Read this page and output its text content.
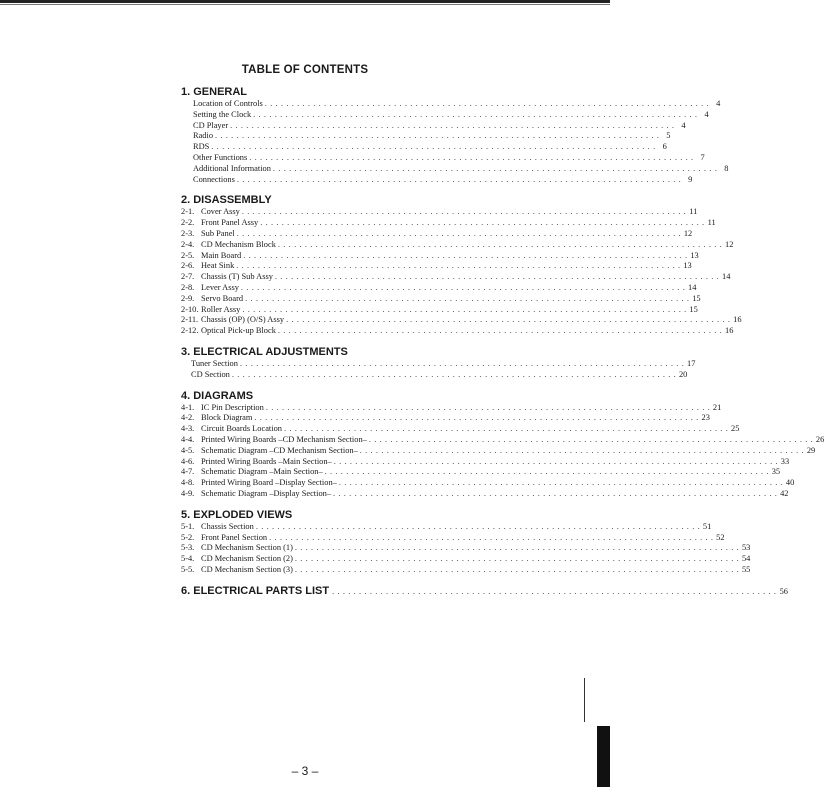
TABLE OF CONTENTS
1. GENERAL
Location of Controls . . . . . . . . . . . . . . . . . . . . . . . . . . . . . . . . . . . . . . . . . . . . . . . . . . . . . . . . . . . . . . . . . . . . . . . . . . . . . . . . . . . 4
Setting the Clock . . . . . . . . . . . . . . . . . . . . . . . . . . . . . . . . . . . . . . . . . . . . . . . . . . . . . . . . . . . . . . . . . . . . . . . . . . . . . . . . . . . 4
CD Player . . . . . . . . . . . . . . . . . . . . . . . . . . . . . . . . . . . . . . . . . . . . . . . . . . . . . . . . . . . . . . . . . . . . . . . . . . . . . . . . . . . 4
Radio . . . . . . . . . . . . . . . . . . . . . . . . . . . . . . . . . . . . . . . . . . . . . . . . . . . . . . . . . . . . . . . . . . . . . . . . . . . . . . . . . . . 5
RDS . . . . . . . . . . . . . . . . . . . . . . . . . . . . . . . . . . . . . . . . . . . . . . . . . . . . . . . . . . . . . . . . . . . . . . . . . . . . . . . . . . . 6
Other Functions . . . . . . . . . . . . . . . . . . . . . . . . . . . . . . . . . . . . . . . . . . . . . . . . . . . . . . . . . . . . . . . . . . . . . . . . . . . . . . . . . . . 7
Additional Information . . . . . . . . . . . . . . . . . . . . . . . . . . . . . . . . . . . . . . . . . . . . . . . . . . . . . . . . . . . . . . . . . . . . . . . . . . . . . . . . . . . 8
Connections . . . . . . . . . . . . . . . . . . . . . . . . . . . . . . . . . . . . . . . . . . . . . . . . . . . . . . . . . . . . . . . . . . . . . . . . . . . . . . . . . . . 9
2. DISASSEMBLY
2-1. Cover Assy . . . . . . . . . . . . . . . . . . . . . . . . . . . . . . . . . . . . . . . . . . . . . . . . . . . . . . . . . . . . . . . . . . . . . . . . . . . . . . . . . . . 11
2-2. Front Panel Assy . . . . . . . . . . . . . . . . . . . . . . . . . . . . . . . . . . . . . . . . . . . . . . . . . . . . . . . . . . . . . . . . . . . . . . . . . . . . . . . . . . . 11
2-3. Sub Panel . . . . . . . . . . . . . . . . . . . . . . . . . . . . . . . . . . . . . . . . . . . . . . . . . . . . . . . . . . . . . . . . . . . . . . . . . . . . . . . . . . . 12
2-4. CD Mechanism Block . . . . . . . . . . . . . . . . . . . . . . . . . . . . . . . . . . . . . . . . . . . . . . . . . . . . . . . . . . . . . . . . . . . . . . . . . . . . . . . . . . . 12
2-5. Main Board . . . . . . . . . . . . . . . . . . . . . . . . . . . . . . . . . . . . . . . . . . . . . . . . . . . . . . . . . . . . . . . . . . . . . . . . . . . . . . . . . . . 13
2-6. Heat Sink . . . . . . . . . . . . . . . . . . . . . . . . . . . . . . . . . . . . . . . . . . . . . . . . . . . . . . . . . . . . . . . . . . . . . . . . . . . . . . . . . . . 13
2-7. Chassis (T) Sub Assy . . . . . . . . . . . . . . . . . . . . . . . . . . . . . . . . . . . . . . . . . . . . . . . . . . . . . . . . . . . . . . . . . . . . . . . . . . . . . . . . . . . 14
2-8. Lever Assy . . . . . . . . . . . . . . . . . . . . . . . . . . . . . . . . . . . . . . . . . . . . . . . . . . . . . . . . . . . . . . . . . . . . . . . . . . . . . . . . . . . 14
2-9. Servo Board . . . . . . . . . . . . . . . . . . . . . . . . . . . . . . . . . . . . . . . . . . . . . . . . . . . . . . . . . . . . . . . . . . . . . . . . . . . . . . . . . . . 15
2-10. Roller Assy . . . . . . . . . . . . . . . . . . . . . . . . . . . . . . . . . . . . . . . . . . . . . . . . . . . . . . . . . . . . . . . . . . . . . . . . . . . . . . . . . . . 15
2-11. Chassis (OP) (O/S) Assy . . . . . . . . . . . . . . . . . . . . . . . . . . . . . . . . . . . . . . . . . . . . . . . . . . . . . . . . . . . . . . . . . . . . . . . . . . . . . . . . . . . 16
2-12. Optical Pick-up Block . . . . . . . . . . . . . . . . . . . . . . . . . . . . . . . . . . . . . . . . . . . . . . . . . . . . . . . . . . . . . . . . . . . . . . . . . . . . . . . . . . . 16
3. ELECTRICAL ADJUSTMENTS
Tuner Section . . . . . . . . . . . . . . . . . . . . . . . . . . . . . . . . . . . . . . . . . . . . . . . . . . . . . . . . . . . . . . . . . . . . . . . . . . . . . . . . . . . 17
CD Section . . . . . . . . . . . . . . . . . . . . . . . . . . . . . . . . . . . . . . . . . . . . . . . . . . . . . . . . . . . . . . . . . . . . . . . . . . . . . . . . . . . 20
4. DIAGRAMS
4-1. IC Pin Description . . . . . . . . . . . . . . . . . . . . . . . . . . . . . . . . . . . . . . . . . . . . . . . . . . . . . . . . . . . . . . . . . . . . . . . . . . . . . . . . . . . 21
4-2. Block Diagram . . . . . . . . . . . . . . . . . . . . . . . . . . . . . . . . . . . . . . . . . . . . . . . . . . . . . . . . . . . . . . . . . . . . . . . . . . . . . . . . . . . 23
4-3. Circuit Boards Location . . . . . . . . . . . . . . . . . . . . . . . . . . . . . . . . . . . . . . . . . . . . . . . . . . . . . . . . . . . . . . . . . . . . . . . . . . . . . . . . . . . 25
4-4. Printed Wiring Boards –CD Mechanism Section– . . . . . . . . . . . . . . . . . . . . . . . . . . . . . . . . . . . . . . . . . . . . . . . . . . . . . . . . . . . . . . . . . . . . . . . . . . . . . . . . . . . 26
4-5. Schematic Diagram –CD Mechanism Section– . . . . . . . . . . . . . . . . . . . . . . . . . . . . . . . . . . . . . . . . . . . . . . . . . . . . . . . . . . . . . . . . . . . . . . . . . . . . . . . . . . . 29
4-6. Printed Wiring Boards –Main Section– . . . . . . . . . . . . . . . . . . . . . . . . . . . . . . . . . . . . . . . . . . . . . . . . . . . . . . . . . . . . . . . . . . . . . . . . . . . . . . . . . . . 33
4-7. Schematic Diagram –Main Section– . . . . . . . . . . . . . . . . . . . . . . . . . . . . . . . . . . . . . . . . . . . . . . . . . . . . . . . . . . . . . . . . . . . . . . . . . . . . . . . . . . . 35
4-8. Printed Wiring Board –Display Section– . . . . . . . . . . . . . . . . . . . . . . . . . . . . . . . . . . . . . . . . . . . . . . . . . . . . . . . . . . . . . . . . . . . . . . . . . . . . . . . . . . . 40
4-9. Schematic Diagram –Display Section– . . . . . . . . . . . . . . . . . . . . . . . . . . . . . . . . . . . . . . . . . . . . . . . . . . . . . . . . . . . . . . . . . . . . . . . . . . . . . . . . . . . 42
5. EXPLODED VIEWS
5-1. Chassis Section . . . . . . . . . . . . . . . . . . . . . . . . . . . . . . . . . . . . . . . . . . . . . . . . . . . . . . . . . . . . . . . . . . . . . . . . . . . . . . . . . . . 51
5-2. Front Panel Section . . . . . . . . . . . . . . . . . . . . . . . . . . . . . . . . . . . . . . . . . . . . . . . . . . . . . . . . . . . . . . . . . . . . . . . . . . . . . . . . . . . 52
5-3. CD Mechanism Section (1) . . . . . . . . . . . . . . . . . . . . . . . . . . . . . . . . . . . . . . . . . . . . . . . . . . . . . . . . . . . . . . . . . . . . . . . . . . . . . . . . . . . 53
5-4. CD Mechanism Section (2) . . . . . . . . . . . . . . . . . . . . . . . . . . . . . . . . . . . . . . . . . . . . . . . . . . . . . . . . . . . . . . . . . . . . . . . . . . . . . . . . . . . 54
5-5. CD Mechanism Section (3) . . . . . . . . . . . . . . . . . . . . . . . . . . . . . . . . . . . . . . . . . . . . . . . . . . . . . . . . . . . . . . . . . . . . . . . . . . . . . . . . . . . 55
6. ELECTRICAL PARTS LIST . . . . . . . . . . . . . . . . . . . . . . . . . . . . . . . . . . . . . . . . . . . . . . . . . . . . . . . . . . . . . . . . . . . . . . . . . . . . . . . . . . . 56
– 3 –
